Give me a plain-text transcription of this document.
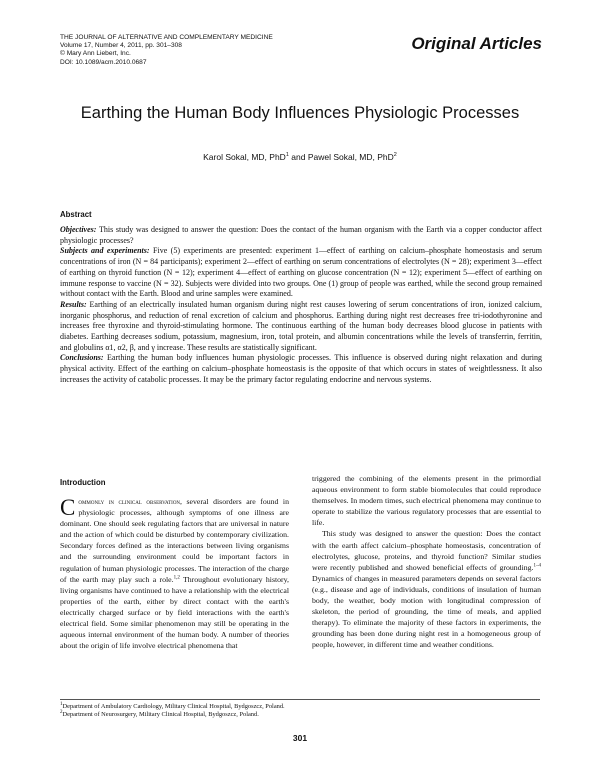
THE JOURNAL OF ALTERNATIVE AND COMPLEMENTARY MEDICINE
Volume 17, Number 4, 2011, pp. 301–308
© Mary Ann Liebert, Inc.
DOI: 10.1089/acm.2010.0687
Original Articles
Earthing the Human Body Influences Physiologic Processes
Karol Sokal, MD, PhD$^1$ and Pawel Sokal, MD, PhD$^2$
Abstract

Objectives: This study was designed to answer the question: Does the contact of the human organism with the Earth via a copper conductor affect physiologic processes?

Subjects and experiments: Five (5) experiments are presented: experiment 1—effect of earthing on calcium–phosphate homeostasis and serum concentrations of iron (N = 84 participants); experiment 2—effect of earthing on serum concentrations of electrolytes (N = 28); experiment 3—effect of earthing on thyroid function (N = 12); experiment 4—effect of earthing on glucose concentration (N = 12); experiment 5—effect of earthing on immune response to vaccine (N = 32). Subjects were divided into two groups. One (1) group of people was earthed, while the second group remained without contact with the Earth. Blood and urine samples were examined.

Results: Earthing of an electrically insulated human organism during night rest causes lowering of serum concentrations of iron, ionized calcium, inorganic phosphorus, and reduction of renal excretion of calcium and phosphorus. Earthing during night rest decreases free tri-iodothyronine and increases free thyroxine and thyroid-stimulating hormone. The continuous earthing of the human body decreases blood glucose in patients with diabetes. Earthing decreases sodium, potassium, magnesium, iron, total protein, and albumin concentrations while the levels of transferrin, ferritin, and globulins α1, α2, β, and γ increase. These results are statistically significant.

Conclusions: Earthing the human body influences human physiologic processes. This influence is observed during night relaxation and during physical activity. Effect of the earthing on calcium–phosphate homeostasis is the opposite of that which occurs in states of weightlessness. It also increases the activity of catabolic processes. It may be the primary factor regulating endocrine and nervous systems.

Introduction

Commonly in clinical observation, several disorders are found in physiologic processes, although symptoms of one illness are dominant. One should seek regulating factors that are universal in nature and the action of which could be disturbed by contemporary civilization. Secondary forces defined as the interactions between living organisms and the surrounding environment could be important factors in regulation of human physiologic processes. The interaction of the charge of the earth may play such a role.$^{1,2}$ Throughout evolutionary history, living organisms have continued to have a relationship with the electrical properties of the earth, either by direct contact with the earth's electrically charged surface or by field interactions with the earth's electrical field. Some similar phenomenon may still be operating in the aqueous internal environment of the human body. A number of theories about the origin of life involve electrical phenomena that

triggered the combining of the elements present in the primordial aqueous environment to form stable biomolecules that could reproduce themselves. In modern times, such electrical phenomena may continue to operate to stabilize the various regulatory processes that are essential to life.

This study was designed to answer the question: Does the contact with the earth affect calcium–phosphate homeostasis, concentration of electrolytes, glucose, proteins, and thyroid function? Similar studies were recently published and showed beneficial effects of grounding.$^{1-4}$ Dynamics of changes in measured parameters depends on several factors (e.g., disease and age of individuals, conditions of insulation of human body, the weather, body motion with longitudinal compression of skeleton, the period of grounding, the time of meals, and applied therapy). To eliminate the majority of these factors in experiments, the grounding has been done during night rest in a homogeneous group of people, however, in different time and weather conditions.

$^1$Department of Ambulatory Cardiology, Military Clinical Hospital, Bydgoszcz, Poland.
$^2$Department of Neurosurgery, Military Clinical Hospital, Bydgoszcz, Poland.
301
